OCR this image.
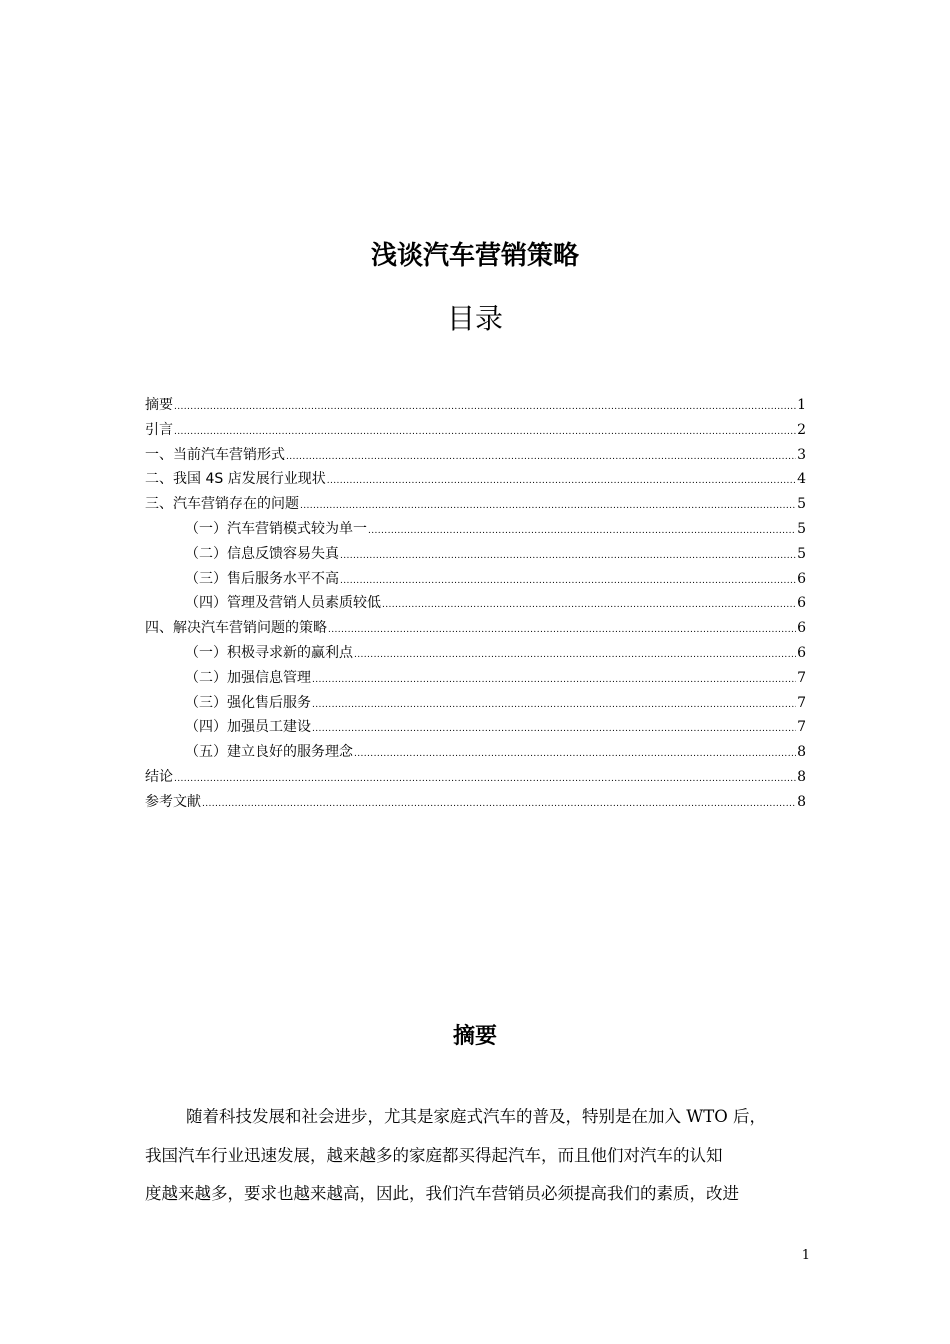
浅谈汽车营销策略
目录
摘要 .....	1
引言 .....	2
一、当前汽车营销形式 .....	3
二、我国 4S 店发展行业现状 .....	4
三、汽车营销存在的问题 .....	5
（一）汽车营销模式较为单一 .....	5
（二）信息反馈容易失真 .....	5
（三）售后服务水平不高 .....	6
（四）管理及营销人员素质较低 .....	6
四、解决汽车营销问题的策略 .....	6
（一）积极寻求新的赢利点 .....	6
（二）加强信息管理 .....	7
（三）强化售后服务 .....	7
（四）加强员工建设 .....	7
（五）建立良好的服务理念 .....	8
结论 .....	8
参考文献 .....	8
摘要
随着科技发展和社会进步，尤其是家庭式汽车的普及，特别是在加入 WTO 后，
我国汽车行业迅速发展，越来越多的家庭都买得起汽车，而且他们对汽车的认知
度越来越多，要求也越来越高，因此，我们汽车营销员必须提高我们的素质，改进
1
